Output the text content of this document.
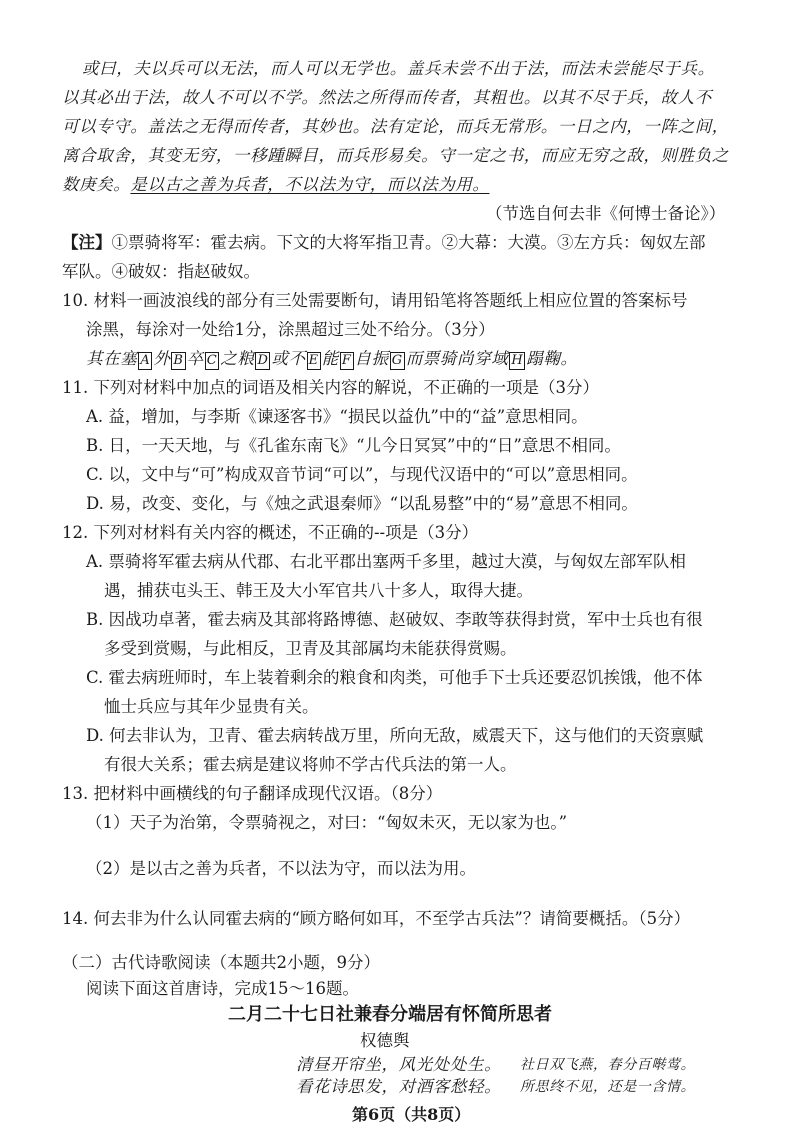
或曰，夫以兵可以无法，而人可以无学也。盖兵未尝不出于法，而法未尝能尽于兵。
以其必出于法，故人不可以不学。然法之所得而传者，其粗也。以其不尽于兵，故人不
可以专守。盖法之无得而传者，其妙也。法有定论，而兵无常形。一日之内，一阵之间，
离合取舍，其变无穷，一移踵瞬目，而兵形易矣。守一定之书，而应无穷之敌，则胜负之
数庚矣。是以古之善为兵者，不以法为守，而以法为用。
（节选自何去非《何博士备论》）
【注】①票骑将军：霍去病。下文的大将军指卫青。②大幕：大漠。③左方兵：匈奴左部
军队。④破奴：指赵破奴。
10. 材料一画波浪线的部分有三处需要断句，请用铅笔将答题纸上相应位置的答案标号
涂黑，每涂对一处给1分，涂黑超过三处不给分。（3分）
其在塞 A 外 B 卒 C 之粮 D 或不 E 能 F 自振 G 而票骑尚穿域 H 蹋鞠。
11. 下列对材料中加点的词语及相关内容的解说，不正确的一项是（3分）
A. 益，增加，与李斯《谏逐客书》“损民以益仇”中的“益”意思相同。
B. 日，一天天地，与《孔雀东南飞》“儿今日冥冥”中的“日”意思不相同。
C. 以，文中与“可”构成双音节词“可以”，与现代汉语中的“可以”意思相同。
D. 易，改变、变化，与《烛之武退秦师》“以乱易整”中的“易”意思不相同。
12. 下列对材料有关内容的概述，不正确的--项是（3分）
A. 票骑将军霍去病从代郡、右北平郡出塞两千多里，越过大漠，与匈奴左部军队相
遇，捕获屯头王、韩王及大小军官共八十多人，取得大捷。
B. 因战功卓著，霍去病及其部将路博德、赵破奴、李敢等获得封赏，军中士兵也有很
多受到赏赐，与此相反，卫青及其部属均未能获得赏赐。
C. 霍去病班师时，车上装着剩余的粮食和肉类，可他手下士兵还要忍饥挨饿，他不体
恤士兵应与其年少显贵有关。
D. 何去非认为，卫青、霍去病转战万里，所向无敌，威震天下，这与他们的天资禀赋
有很大关系；霍去病是建议将帅不学古代兵法的第一人。
13. 把材料中画横线的句子翻译成现代汉语。（8分）
（1）天子为治第，令票骑视之，对曰：“匈奴未灭，无以家为也。”
（2）是以古之善为兵者，不以法为守，而以法为用。
14. 何去非为什么认同霍去病的“顾方略何如耳，不至学古兵法”？请简要概括。（5分）
（二）古代诗歌阅读（本题共2小题，9分）
阅读下面这首唐诗，完成15～16题。
二月二十七日社兼春分端居有怀简所思者
权德舆
清昼开帘坐，风光处处生。
看花诗思发，对酒客愁轻。
社日双飞燕，春分百啭莺。
所思终不见，还是一含情。
第6页（共8页）
